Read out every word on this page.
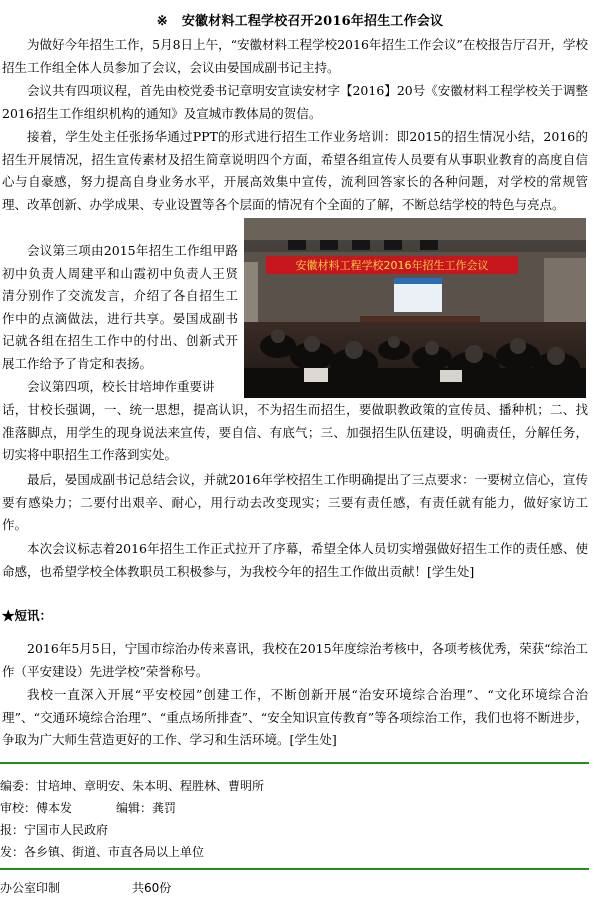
※ 安徽材料工程学校召开2016年招生工作会议

为做好今年招生工作，5月8日上午，“安徽材料工程学校2016年招生工作会议”在校报告厅召开，学校招生工作组全体人员参加了会议，会议由晏国成副书记主持。

会议共有四项议程，首先由校党委书记章明安宣读安材字【2016】20号《安徽材料工程学校关于调整2016招生工作组织机构的通知》及宣城市教体局的贺信。

接着，学生处主任张扬华通过PPT的形式进行招生工作业务培训：即2015的招生情况小结，2016的招生开展情况，招生宣传素材及招生简章说明四个方面，希望各组宣传人员要有从事职业教育的高度自信心与自豪感，努力提高自身业务水平，开展高效集中宣传，流利回答家长的各种问题，对学校的常规管理、改革创新、办学成果、专业设置等各个层面的情况有个全面的了解，不断总结学校的特色与亮点。

会议第三项由2015年招生工作组甲路初中负责人周建平和山霞初中负责人王贤清分别作了交流发言，介绍了各自招生工作中的点滴做法，进行共享。晏国成副书记就各组在招生工作中的付出、创新式开展工作给予了肯定和表扬。

安徽材料工程学校2016年招生工作会议

会议第四项，校长甘培坤作重要讲

话，甘校长强调，一、统一思想，提高认识，不为招生而招生，要做职教政策的宣传员、播种机；二、找准落脚点，用学生的现身说法来宣传，要自信、有底气；三、加强招生队伍建设，明确责任，分解任务，切实将中职招生工作落到实处。

最后，晏国成副书记总结会议，并就2016年学校招生工作明确提出了三点要求：一要树立信心，宣传要有感染力；二要付出艰辛、耐心，用行动去改变现实；三要有责任感，有责任就有能力，做好家访工作。

本次会议标志着2016年招生工作正式拉开了序幕，希望全体人员切实增强做好招生工作的责任感、使命感，也希望学校全体教职员工积极参与，为我校今年的招生工作做出贡献！[学生处]

★短讯：

2016年5月5日，宁国市综治办传来喜讯，我校在2015年度综治考核中，各项考核优秀，荣获“综治工作（平安建设）先进学校”荣誉称号。

我校一直深入开展“平安校园”创建工作，不断创新开展“治安环境综合治理”、“文化环境综合治理”、“交通环境综合治理”、“重点场所排查”、“安全知识宣传教育”等各项综治工作，我们也将不断进步，争取为广大师生营造更好的工作、学习和生活环境。[学生处]

编委：甘培坤、章明安、朱本明、程胜林、曹明所
审校：傅本发	编辑：龚罚
报：宁国市人民政府
发：各乡镇、街道、市直各局以上单位
办公室印制	共60份
